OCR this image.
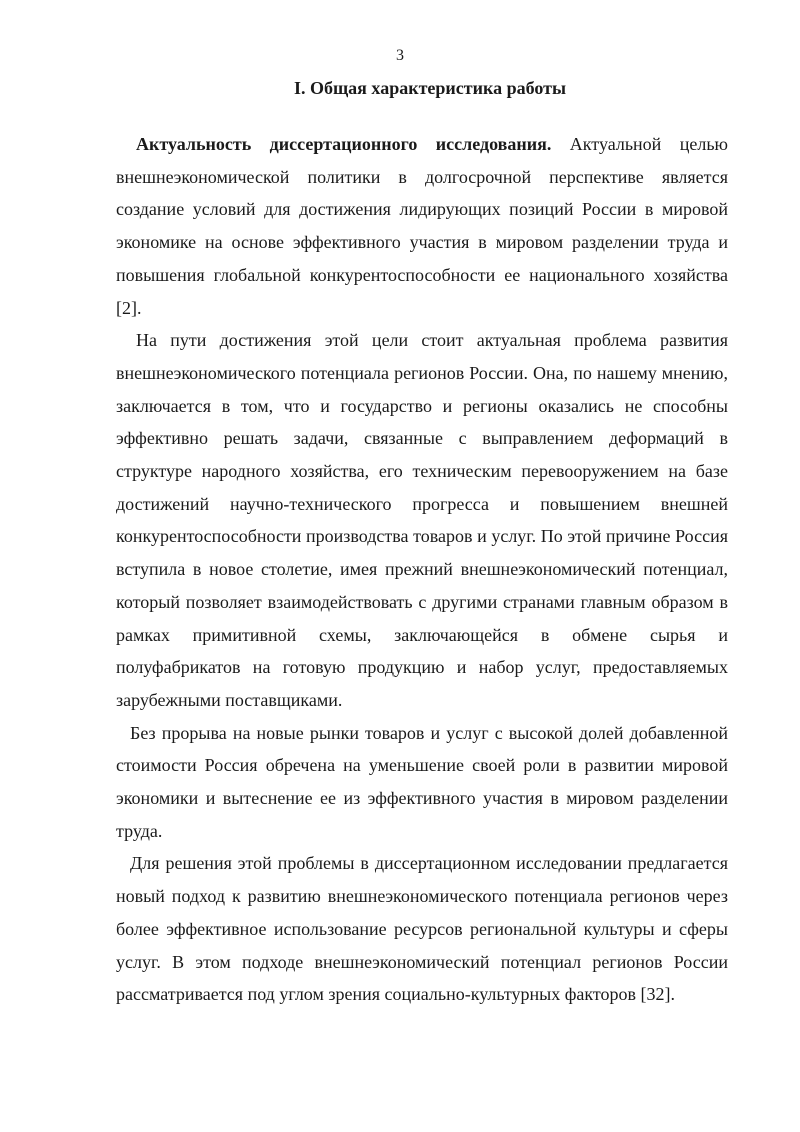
3
I. Общая характеристика работы

Актуальность диссертационного исследования. Актуальной целью внешнеэкономической политики в долгосрочной перспективе является создание условий для достижения лидирующих позиций России в мировой экономике на основе эффективного участия в мировом разделении труда и повышения глобальной конкурентоспособности ее национального хозяйства [2].

На пути достижения этой цели стоит актуальная проблема развития внешнеэкономического потенциала регионов России. Она, по нашему мнению, заключается в том, что и государство и регионы оказались не способны эффективно решать задачи, связанные с выправлением деформаций в структуре народного хозяйства, его техническим перевооружением на базе достижений научно-технического прогресса и повышением внешней конкурентоспособности производства товаров и услуг. По этой причине Россия вступила в новое столетие, имея прежний внешнеэкономический потенциал, который позволяет взаимодействовать с другими странами главным образом в рамках примитивной схемы, заключающейся в обмене сырья и полуфабрикатов на готовую продукцию и набор услуг, предоставляемых зарубежными поставщиками.

Без прорыва на новые рынки товаров и услуг с высокой долей добавленной стоимости Россия обречена на уменьшение своей роли в развитии мировой экономики и вытеснение ее из эффективного участия в мировом разделении труда.

Для решения этой проблемы в диссертационном исследовании предлагается новый подход к развитию внешнеэкономического потенциала регионов через более эффективное использование ресурсов региональной культуры и сферы услуг. В этом подходе внешнеэкономический потенциал регионов России рассматривается под углом зрения социально-культурных факторов [32].
